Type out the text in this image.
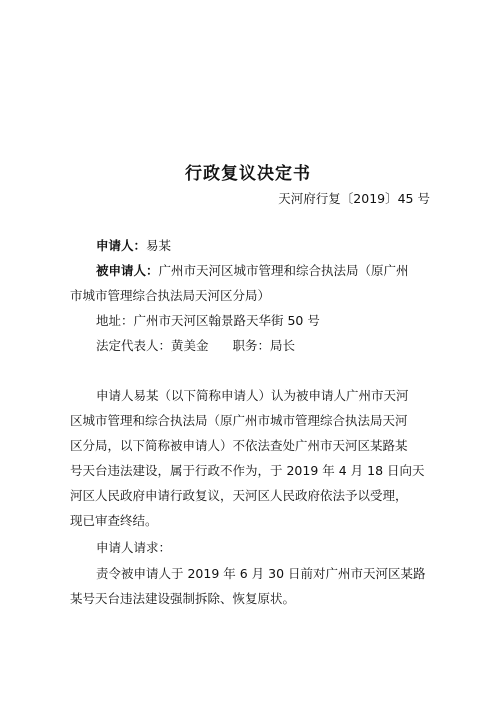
行政复议决定书
天河府行复〔2019〕45 号
申请人：易某
被申请人：广州市天河区城市管理和综合执法局（原广州
市城市管理综合执法局天河区分局）
地址：广州市天河区翰景路天华街 50 号
法定代表人：黄美金 职务：局长
申请人易某（以下简称申请人）认为被申请人广州市天河
区城市管理和综合执法局（原广州市城市管理综合执法局天河
区分局，以下简称被申请人）不依法查处广州市天河区某路某
号天台违法建设，属于行政不作为，于 2019 年 4 月 18 日向天
河区人民政府申请行政复议，天河区人民政府依法予以受理，
现已审查终结。
申请人请求：
责令被申请人于 2019 年 6 月 30 日前对广州市天河区某路
某号天台违法建设强制拆除、恢复原状。
